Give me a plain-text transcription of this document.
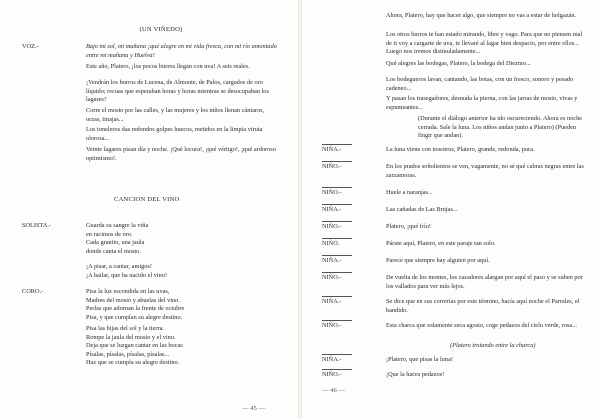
(UN VIÑEDO)
VOZ.-	Bajo mi sol, mi mañana ¡qué alegre en mi vida fresca, con mi río amontado entre mi mañana y Huelva!

Este año, Platero, ¡los pocos burros llegan con uva! A seis reales.

¡Vendrán los burros de Lucena, de Almonte, de Palos, cargados de oro líquido; recuas que esperaban horas y horas mientras se desocupaban los lagares?

Corre el mosto por las calles, y las mujeres y los niños llenan cántaros, orzas, tinajas...

Los toneleros das redondos golpes huecos, metidos en la limpia viruta olorosa...

Veinte lagares pisan día y noche. ¡Qué locura!, ¡qué vértigo!, ¡qué ardoroso optimismo!.

CANCION DEL VINO
SOLISTA.-	Guarda su sangre la viña
en racimos de oro.
Cada granito, una jaula
donde canta el mosto.

¡A pisar, a cantar, amigos!
¡A bailar, que ha nacido el vino!

CORO.-	Pisa la luz escondida en las uvas,
Madres del mosto y abuelas del vino.
Perlas que adornan la frente de octubre
Pisa, y que cumplan su alegre destino.

Pisa las hijas del sol y la tierra.
Rompe la jaula del mosto y el vino.
Deja que se luzgan cantar en las bocas
Písalas, písalas, písalas, písalas...
Haz que se cumpla su alegre destino.

— 45 —

Ahora, Platero, hay que hacer algo, que siempre no vas a estar de holgazán.

Los otros burros te han estado mirando, libre y vago. Para que no piensen mal de ti voy a cargarte de uva, te llevaré al lagar bien despacio, por entre ellos... Luego nos iremos disimuladamente...

Qué alegres las bodegas, Platero, la bodega del Diezmo...

Los bodegueros lavan, cantando, las botas, con un fresco, sonoro y pesado cadeneo...

Y pasan los trasegadores, desnuda la pierna, con las jarras de mosto, vivas y espumeantes...

(Durante el diálogo anterior ha ido oscureciendo. Ahora es noche cerrada. Sale la luna. Los niños andan junto a Platero) (Pueden fingir que andan).

NIÑA.-	La luna viene con nosotros, Platero, grande, redonda, pura.

NIÑO.-	En los prados soñolientos se ven, vagamente, no sé qué cabras negras entre las zarzamoras.

NIÑO.-	Huele a naranjas...

NIÑA.-	Las cañadas de Las Brujas...

NIÑO.-	Platero, ¡qué frío!

NIÑO.	Párate aquí, Platero, en este paraje tan solo.

NIÑA.-	Parece que siempre hay alguien por aquí.

NIÑO.-	De vuelta de los montes, los cazadores alargan por aquí el paso y se suben por los vallados para ver más lejos.

NIÑA.-	Se dice que en sus correrías por este término, hacía aquí noche el Parrales, el bandido.

NIÑO.-	Esta charca que solamente seca agosto, coge pedazos del cielo verde, rosa...

(Platero trotando entre la charca)

NIÑA.-	¡Platero, que pisas la luna!

NIÑO.-	¡Que la haces pedazos!

— 46 —
